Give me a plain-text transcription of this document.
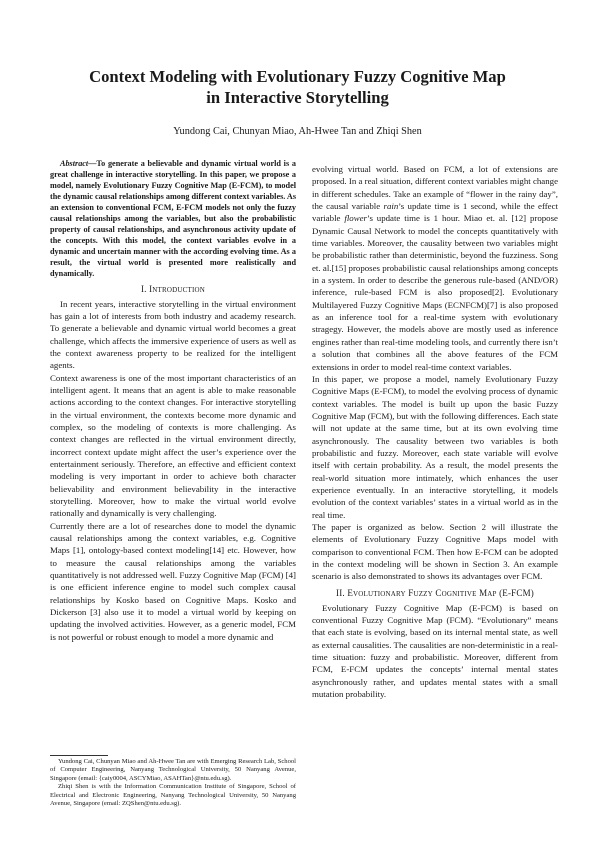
Context Modeling with Evolutionary Fuzzy Cognitive Map
in Interactive Storytelling
Yundong Cai, Chunyan Miao, Ah-Hwee Tan and Zhiqi Shen

Abstract—To generate a believable and dynamic virtual world is a great challenge in interactive storytelling. In this paper, we propose a model, namely Evolutionary Fuzzy Cognitive Map (E-FCM), to model the dynamic causal relationships among different context variables. As an extension to conventional FCM, E-FCM models not only the fuzzy causal relationships among the variables, but also the probabilistic property of causal relationships, and asynchronous activity update of the concepts. With this model, the context variables evolve in a dynamic and uncertain manner with the according evolving time. As a result, the virtual world is presented more realistically and dynamically.

I. INTRODUCTION

In recent years, interactive storytelling in the virtual environment has gain a lot of interests from both industry and academy research. To generate a believable and dynamic virtual world becomes a great challenge, which affects the immersive experience of users as well as the context awareness property to be realized for the intelligent agents.

Context awareness is one of the most important characteristics of an intelligent agent. It means that an agent is able to make reasonable actions according to the context changes. For interactive storytelling in the virtual environment, the contexts become more dynamic and complex, so the modeling of contexts is more challenging. As context changes are reflected in the virtual environment directly, incorrect context update might affect the user’s experience over the entertainment seriously. Therefore, an effective and efficient context modeling is very important in order to achieve both character believability and environment believability in the interactive storytelling. Moreover, how to make the virtual world evolve rationally and dynamically is very challenging.

Currently there are a lot of researches done to model the dynamic causal relationships among the context variables, e.g. Cognitive Maps [1], ontology-based context modeling[14] etc. However, how to measure the causal relationships among the variables quantitatively is not addressed well. Fuzzy Cognitive Map (FCM) [4] is one efficient inference engine to model such complex causal relationships by Kosko based on Cognitive Maps. Kosko and Dickerson [3] also use it to model a virtual world by keeping on updating the involved activities. However, as a generic model, FCM is not powerful or robust enough to model a more dynamic and

Yundong Cai, Chunyan Miao and Ah-Hwee Tan are with Emerging Research Lab, School of Computer Engineering, Nanyang Technological University, 50 Nanyang Avenue, Singapore (email: {caiy0004, ASCYMiao, ASAHTan}@ntu.edu.sg).

Zhiqi Shen is with the Information Communication Institute of Singapore, School of Electrical and Electronic Engineering, Nanyang Technological University, 50 Nanyang Avenue, Singapore (email: ZQShen@ntu.edu.sg).

evolving virtual world. Based on FCM, a lot of extensions are proposed. In a real situation, different context variables might change in different schedules. Take an example of “flower in the rainy day”, the causal variable rain’s update time is 1 second, while the effect variable flower’s update time is 1 hour. Miao et. al. [12] propose Dynamic Causal Network to model the concepts quantitatively with time variables. Moreover, the causality between two variables might be probabilistic rather than deterministic, beyond the fuzziness. Song et. al.[15] proposes probabilistic causal relationships among concepts in a system. In order to describe the generous rule-based (AND/OR) inference, rule-based FCM is also proposed[2]. Evolutionary Multilayered Fuzzy Cognitive Maps (ECNFCM)[7] is also proposed as an inference tool for a real-time system with evolutionary stragegy. However, the models above are mostly used as inference engines rather than real-time modeling tools, and currently there isn’t a solution that combines all the above features of the FCM extensions in order to model real-time context variables.

In this paper, we propose a model, namely Evolutionary Fuzzy Cognitive Maps (E-FCM), to model the evolving process of dynamic context variables. The model is built up upon the basic Fuzzy Cognitive Map (FCM), but with the following differences. Each state will not update at the same time, but at its own evolving time asynchronously. The causality between two variables is both probabilistic and fuzzy. Moreover, each state variable will evolve itself with certain probability. As a result, the model presents the real-world situation more intimately, which enhances the user experience eventually. In an interactive storytelling, it models evolution of the context variables’ states in a virtual world as in the real time.

The paper is organized as below. Section 2 will illustrate the elements of Evolutionary Fuzzy Cognitive Maps model with comparison to conventional FCM. Then how E-FCM can be adopted in the context modeling will be shown in Section 3. An example scenario is also demonstrated to shows its advantages over FCM.

II. EVOLUTIONARY FUZZY COGNITIVE MAP (E-FCM)

Evolutionary Fuzzy Cognitive Map (E-FCM) is based on conventional Fuzzy Cognitive Map (FCM). “Evolutionary” means that each state is evolving, based on its internal mental state, as well as external causalities. The causalities are non-deterministic in a real-time situation: fuzzy and probabilistic. Moreover, different from FCM, E-FCM updates the concepts’ internal mental states asynchronously rather, and updates mental states with a small mutation probability.
